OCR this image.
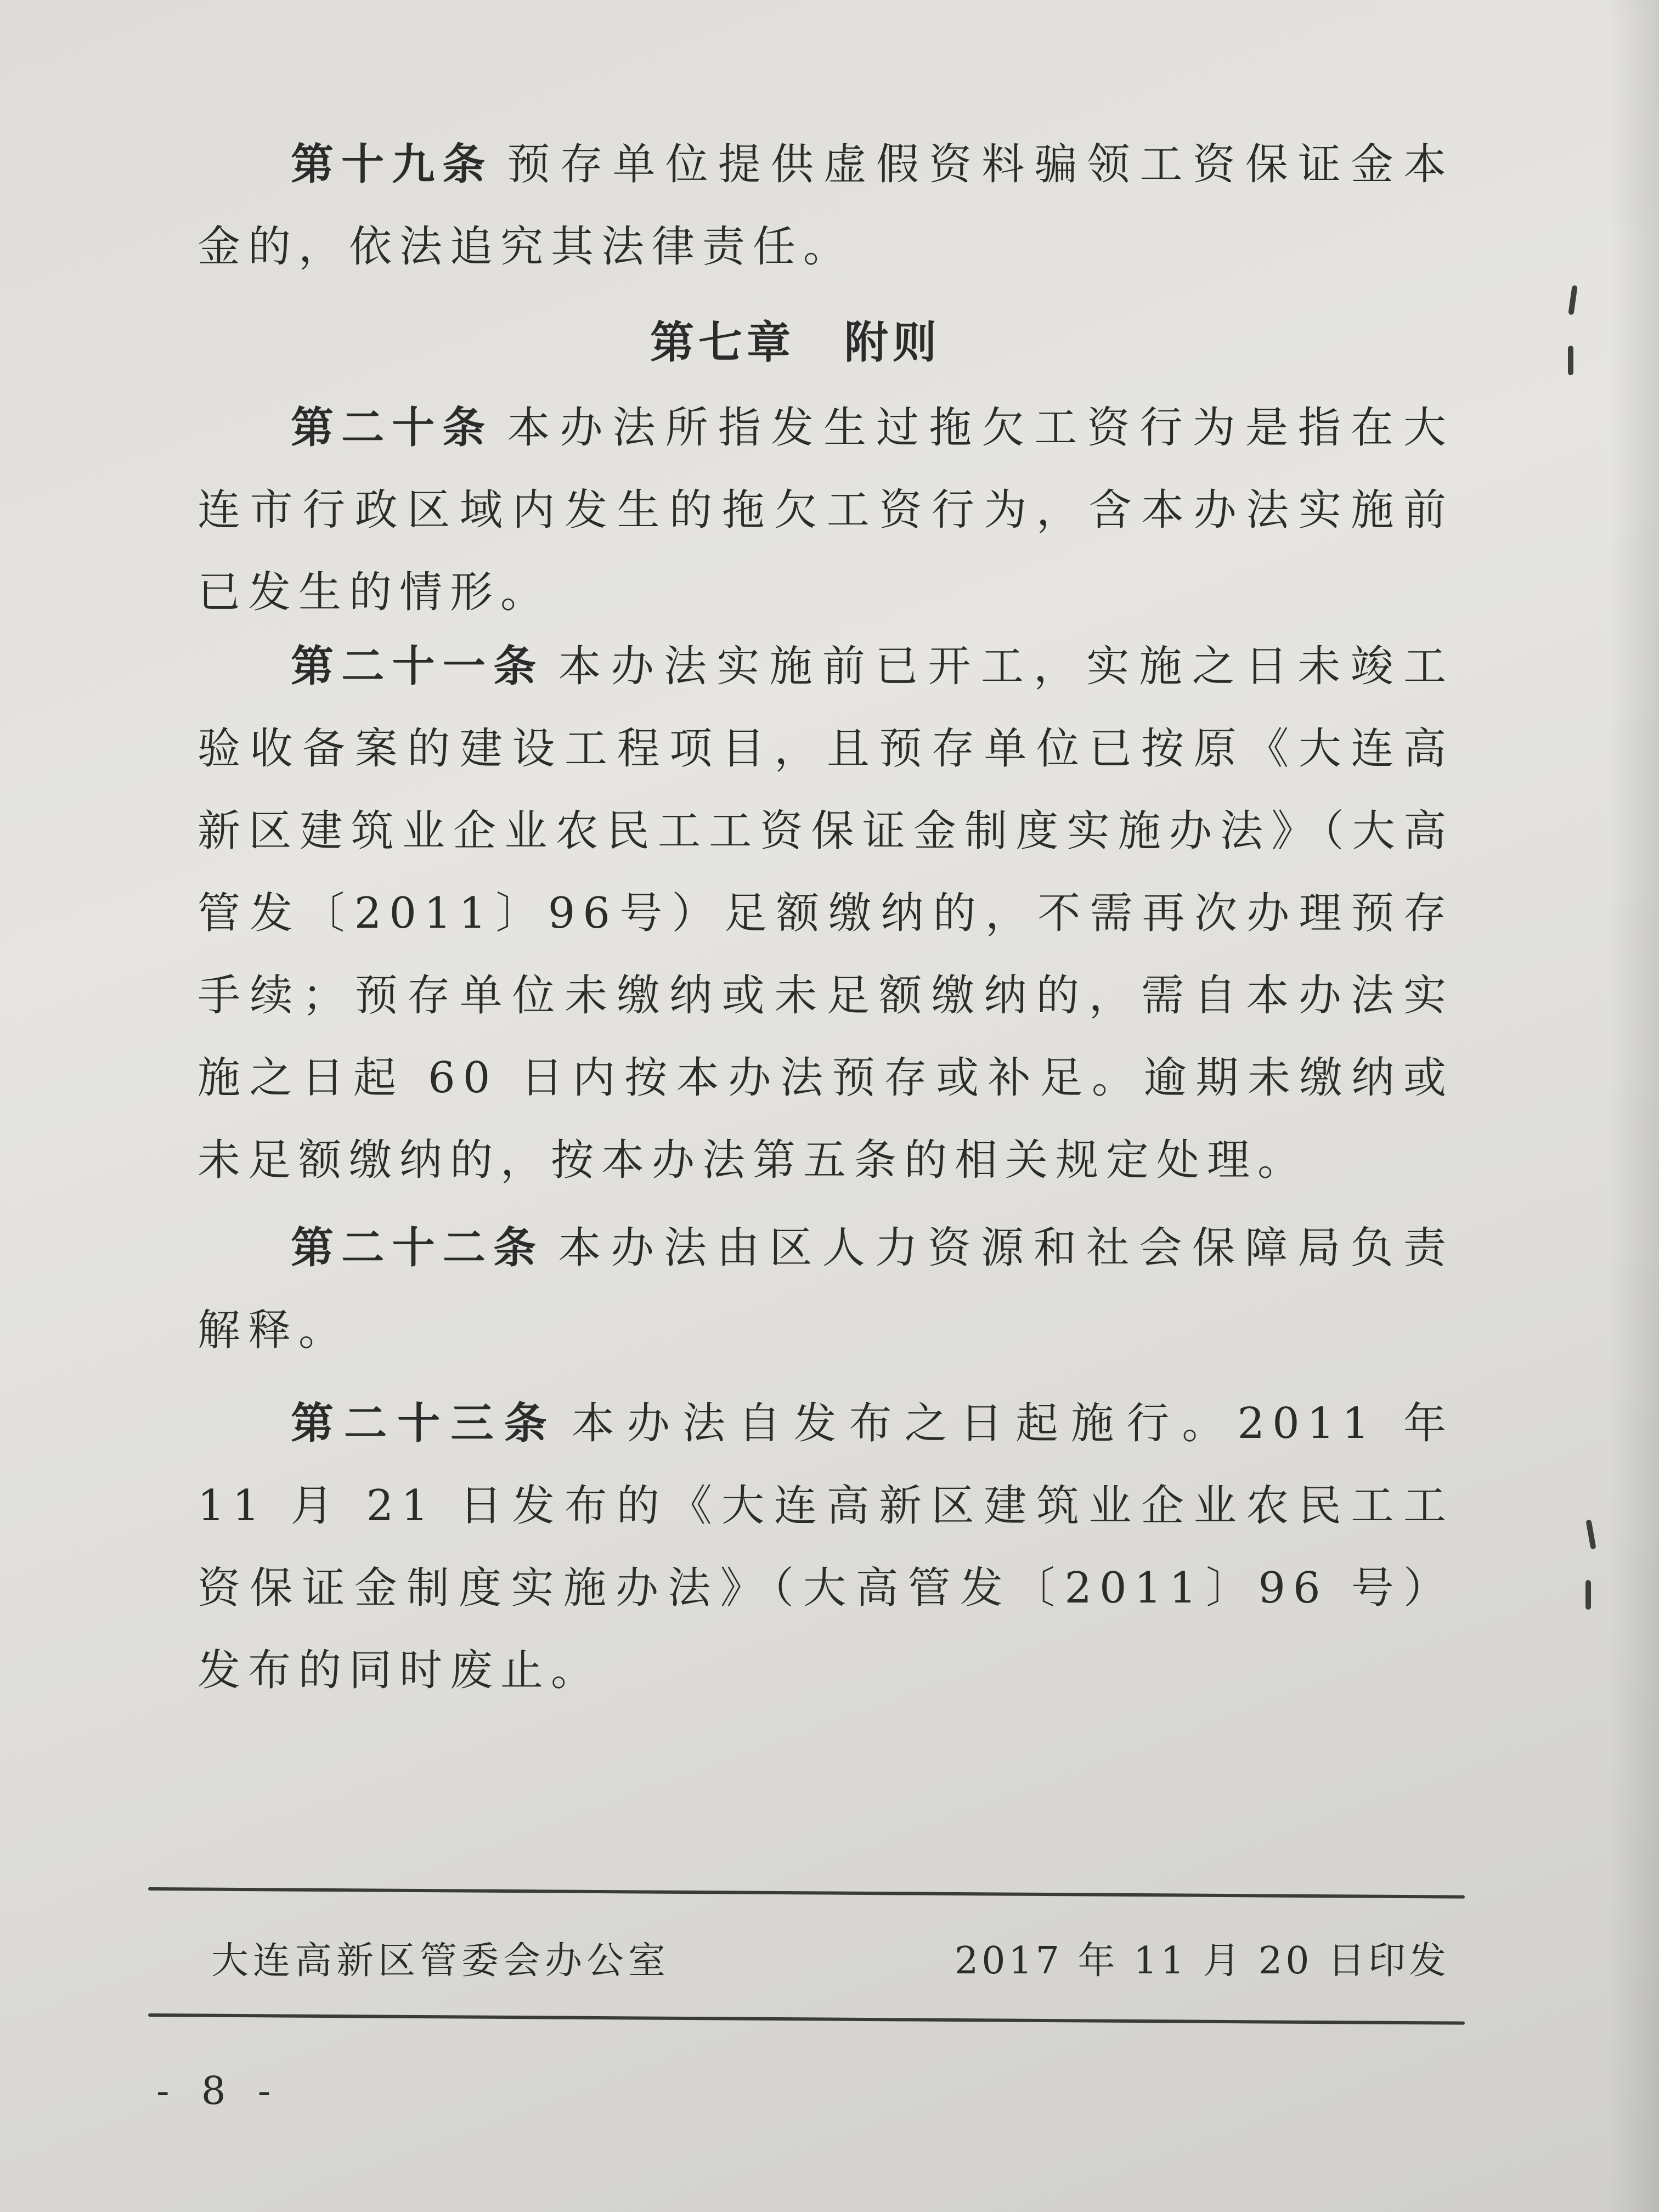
第十九条 预存单位提供虚假资料骗领工资保证金本金的，依法追究其法律责任。
第七章 附则
第二十条 本办法所指发生过拖欠工资行为是指在大连市行政区域内发生的拖欠工资行为，含本办法实施前已发生的情形。
第二十一条 本办法实施前已开工，实施之日未竣工验收备案的建设工程项目，且预存单位已按原《大连高新区建筑业企业农民工工资保证金制度实施办法》（大高管发〔2011〕96号）足额缴纳的，不需再次办理预存手续；预存单位未缴纳或未足额缴纳的，需自本办法实施之日起 60 日内按本办法预存或补足。逾期未缴纳或未足额缴纳的，按本办法第五条的相关规定处理。
第二十二条 本办法由区人力资源和社会保障局负责解释。
第二十三条 本办法自发布之日起施行。2011 年 11 月 21 日发布的《大连高新区建筑业企业农民工工资保证金制度实施办法》（大高管发〔2011〕96 号）发布的同时废止。
大连高新区管委会办公室	2017 年 11 月 20 日印发
- 8 -
